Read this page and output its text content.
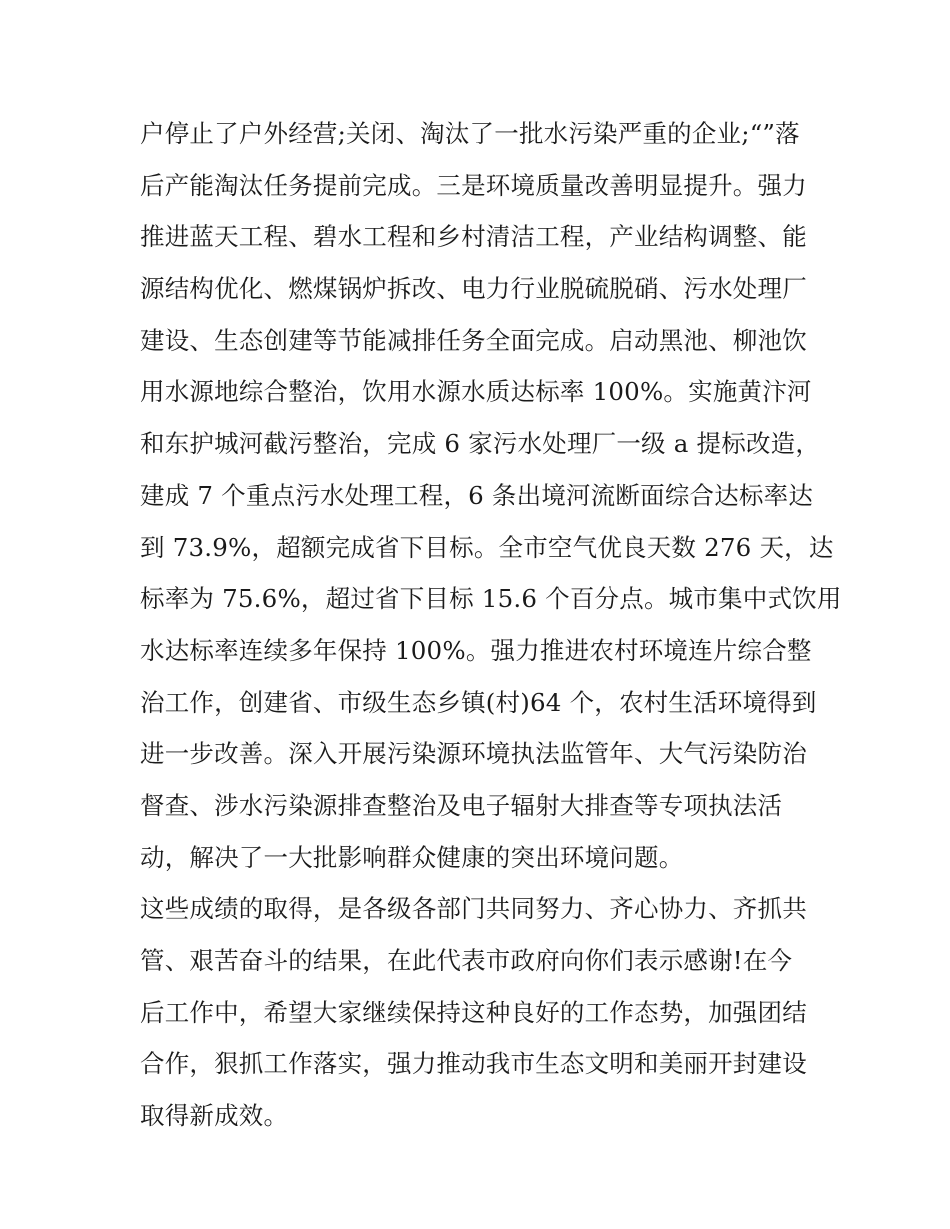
户停止了户外经营;关闭、淘汰了一批水污染严重的企业;“”落
后产能淘汰任务提前完成。三是环境质量改善明显提升。强力
推进蓝天工程、碧水工程和乡村清洁工程，产业结构调整、能
源结构优化、燃煤锅炉拆改、电力行业脱硫脱硝、污水处理厂
建设、生态创建等节能减排任务全面完成。启动黑池、柳池饮
用水源地综合整治，饮用水源水质达标率 100%。实施黄汴河
和东护城河截污整治，完成 6 家污水处理厂一级 a 提标改造，
建成 7 个重点污水处理工程，6 条出境河流断面综合达标率达
到 73.9%，超额完成省下目标。全市空气优良天数 276 天，达
标率为 75.6%，超过省下目标 15.6 个百分点。城市集中式饮用
水达标率连续多年保持 100%。强力推进农村环境连片综合整
治工作，创建省、市级生态乡镇(村)64 个，农村生活环境得到
进一步改善。深入开展污染源环境执法监管年、大气污染防治
督查、涉水污染源排查整治及电子辐射大排查等专项执法活
动，解决了一大批影响群众健康的突出环境问题。
这些成绩的取得，是各级各部门共同努力、齐心协力、齐抓共
管、艰苦奋斗的结果，在此代表市政府向你们表示感谢!在今
后工作中，希望大家继续保持这种良好的工作态势，加强团结
合作，狠抓工作落实，强力推动我市生态文明和美丽开封建设
取得新成效。
